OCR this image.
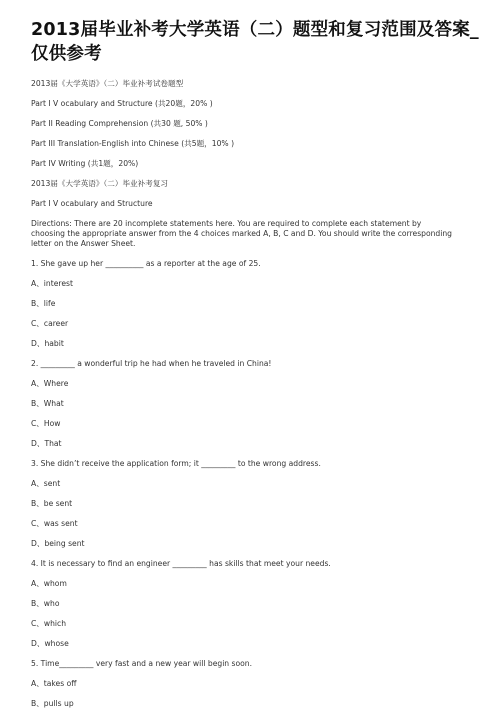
2013届毕业补考大学英语（二）题型和复习范围及答案_仅供参考
2013届《大学英语》（二）毕业补考试卷题型
Part I V ocabulary and Structure (共20题，20% )
Part II Reading Comprehension (共30 题, 50% )
Part III Translation-English into Chinese (共5题，10% )
Part IV Writing (共1题，20%)
2013届《大学英语》（二）毕业补考复习
Part I V ocabulary and Structure
Directions: There are 20 incomplete statements here. You are required to complete each statement by choosing the appropriate answer from the 4 choices marked A, B, C and D. You should write the corresponding letter on the Answer Sheet.
1. She gave up her __________ as a reporter at the age of 25.
A、interest
B、life
C、career
D、habit
2. _________ a wonderful trip he had when he traveled in China!
A、Where
B、What
C、How
D、That
3. She didn’t receive the application form; it _________ to the wrong address.
A、sent
B、be sent
C、was sent
D、being sent
4. It is necessary to find an engineer _________ has skills that meet your needs.
A、whom
B、who
C、which
D、whose
5. Time_________ very fast and a new year will begin soon.
A、takes off
B、pulls up
